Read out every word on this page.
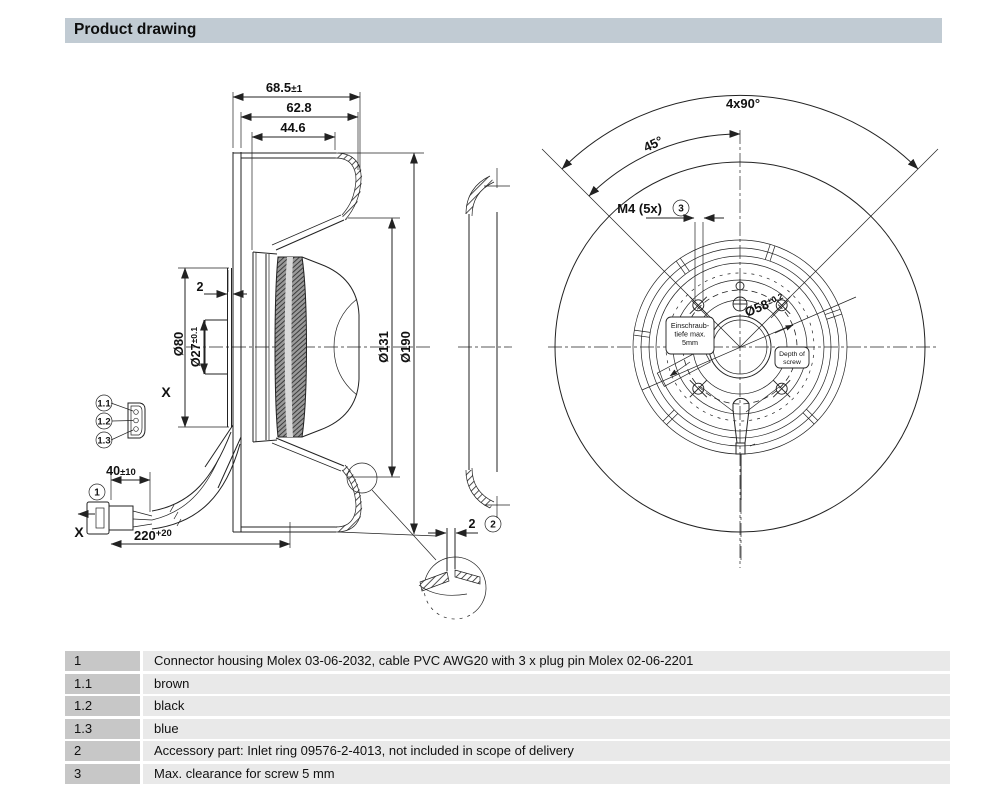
Product drawing
68.5±1
62.8
44.6
2
Ø80 $Ø27^{\pm 0.1}$	Ø131 Ø190
2 2
4x90°
45°
M4 (5x) 3
$Ø58^{\pm 0.2}$
Einschraub-
tiefe max.
5mm
Depth of
screw
X
1.1
1.2
1.3
1
X
40±10
$220^{+20}$
1	Connector housing Molex 03-06-2032, cable PVC AWG20 with 3 x plug pin Molex 02-06-2201
1.1	brown
1.2	black
1.3	blue
2	Accessory part: Inlet ring 09576-2-4013, not included in scope of delivery
3	Max. clearance for screw 5 mm
